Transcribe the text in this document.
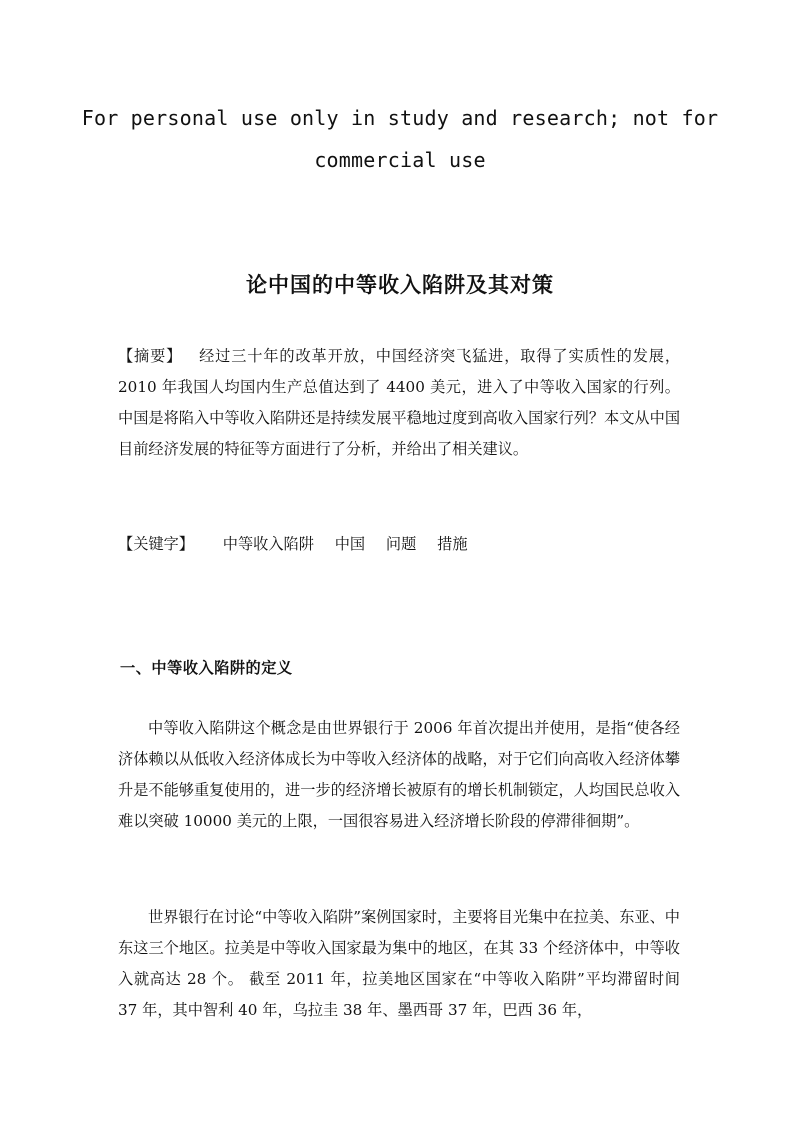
For personal use only in study and research; not for
commercial use
论中国的中等收入陷阱及其对策
【摘要】 经过三十年的改革开放，中国经济突飞猛进，取得了实质性的发展，2010 年我国人均国内生产总值达到了 4400 美元，进入了中等收入国家的行列。中国是将陷入中等收入陷阱还是持续发展平稳地过度到高收入国家行列？本文从中国目前经济发展的特征等方面进行了分析，并给出了相关建议。
【关键字】 中等收入陷阱 中国 问题 措施
一、中等收入陷阱的定义
中等收入陷阱这个概念是由世界银行于 2006 年首次提出并使用，是指“使各经济体赖以从低收入经济体成长为中等收入经济体的战略，对于它们向高收入经济体攀升是不能够重复使用的，进一步的经济增长被原有的增长机制锁定，人均国民总收入难以突破 10000 美元的上限，一国很容易进入经济增长阶段的停滞徘徊期”。
世界银行在讨论“中等收入陷阱”案例国家时，主要将目光集中在拉美、东亚、中东这三个地区。拉美是中等收入国家最为集中的地区，在其 33 个经济体中，中等收入就高达 28 个。 截至 2011 年，拉美地区国家在“中等收入陷阱”平均滞留时间 37 年，其中智利 40 年，乌拉圭 38 年、墨西哥 37 年，巴西 36 年，
